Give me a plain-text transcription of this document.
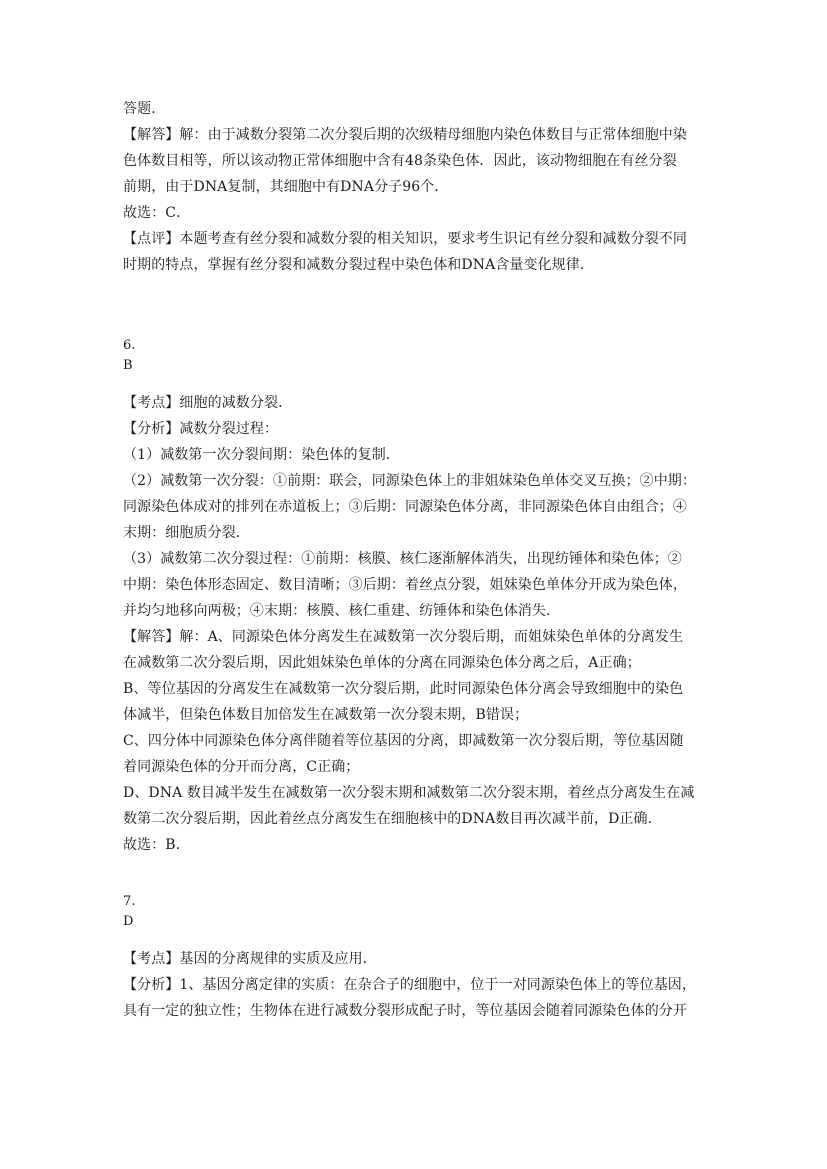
答题．
【解答】解：由于减数分裂第二次分裂后期的次级精母细胞内染色体数目与正常体细胞中染
色体数目相等，所以该动物正常体细胞中含有48条染色体．因此，该动物细胞在有丝分裂
前期，由于DNA复制，其细胞中有DNA分子96个．
故选：C．
【点评】本题考查有丝分裂和减数分裂的相关知识，要求考生识记有丝分裂和减数分裂不同
时期的特点，掌握有丝分裂和减数分裂过程中染色体和DNA含量变化规律．
6.
B
【考点】细胞的减数分裂．
【分析】减数分裂过程：
（1）减数第一次分裂间期：染色体的复制．
（2）减数第一次分裂：①前期：联会，同源染色体上的非姐妹染色单体交叉互换；②中期：
同源染色体成对的排列在赤道板上；③后期：同源染色体分离，非同源染色体自由组合；④
末期：细胞质分裂．
（3）减数第二次分裂过程：①前期：核膜、核仁逐渐解体消失，出现纺锤体和染色体；②
中期：染色体形态固定、数目清晰；③后期：着丝点分裂，姐妹染色单体分开成为染色体，
并均匀地移向两极；④末期：核膜、核仁重建、纺锤体和染色体消失．
【解答】解：A、同源染色体分离发生在减数第一次分裂后期，而姐妹染色单体的分离发生
在减数第二次分裂后期，因此姐妹染色单体的分离在同源染色体分离之后，A正确；
B、等位基因的分离发生在减数第一次分裂后期，此时同源染色体分离会导致细胞中的染色
体减半，但染色体数目加倍发生在减数第一次分裂末期，B错误；
C、四分体中同源染色体分离伴随着等位基因的分离，即减数第一次分裂后期，等位基因随
着同源染色体的分开而分离，C正确；
D、DNA 数目减半发生在减数第一次分裂末期和减数第二次分裂末期，着丝点分离发生在减
数第二次分裂后期，因此着丝点分离发生在细胞核中的DNA数目再次减半前，D正确．
故选：B．
7.
D
【考点】基因的分离规律的实质及应用．
【分析】1、基因分离定律的实质：在杂合子的细胞中，位于一对同源染色体上的等位基因，
具有一定的独立性；生物体在进行减数分裂形成配子时，等位基因会随着同源染色体的分开
